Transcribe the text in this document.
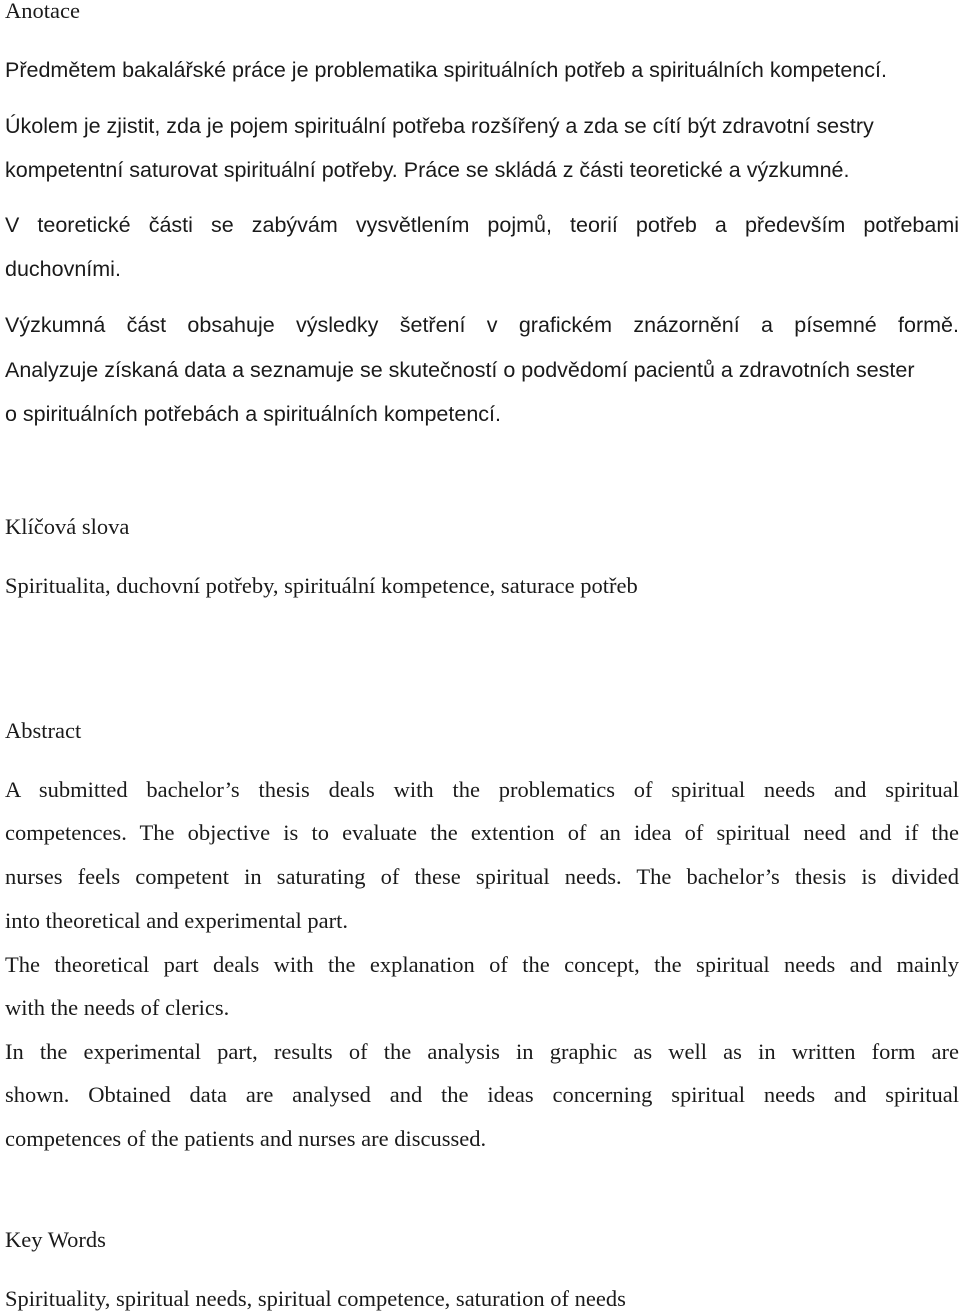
Anotace
Předmětem bakalářské práce je problematika spirituálních potřeb a spirituálních kompetencí.
Úkolem je zjistit, zda je pojem spirituální potřeba rozšířený a zda se cítí být zdravotní sestry
kompetentní saturovat spirituální potřeby. Práce se skládá z části teoretické a výzkumné.
V teoretické části se zabývám vysvětlením pojmů, teorií potřeb a především potřebami
duchovními.
Výzkumná část obsahuje výsledky šetření v grafickém znázornění a písemné formě.
Analyzuje získaná data a seznamuje se skutečností o podvědomí pacientů a zdravotních sester
o spirituálních potřebách a spirituálních kompetencí.
Klíčová slova
Spiritualita, duchovní potřeby, spirituální kompetence, saturace potřeb
Abstract
A submitted bachelor’s thesis deals with the problematics of spiritual needs and spiritual
competences. The objective is to evaluate the extention of an idea of spiritual need and if the
nurses feels competent in saturating of these spiritual needs. The bachelor’s thesis is divided
into theoretical and experimental part.
The theoretical part deals with the explanation of the concept, the spiritual needs and mainly
with the needs of clerics.
In the experimental part, results of the analysis in graphic as well as in written form are
shown. Obtained data are analysed and the ideas concerning spiritual needs and spiritual
competences of the patients and nurses are discussed.
Key Words
Spirituality, spiritual needs, spiritual competence, saturation of needs
